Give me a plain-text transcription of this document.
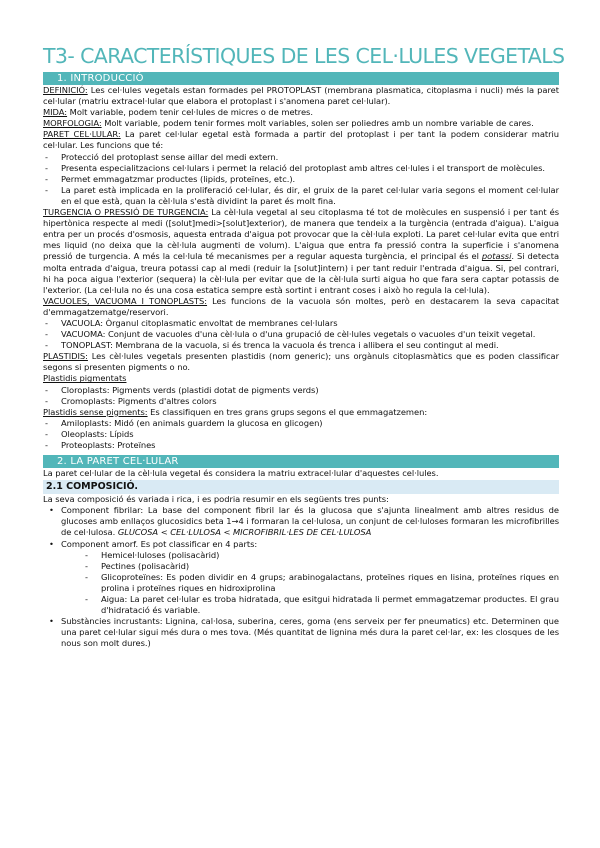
T3- CARACTERÍSTIQUES DE LES CEL·LULES VEGETALS
1. INTRODUCCIÓ

DEFINICIÓ: Les cel·lules vegetals estan formades pel PROTOPLAST (membrana plasmatica, citoplasma i nucli) més la paret cel·lular (matriu extracel·lular que elabora el protoplast i s'anomena paret cel·lular).

MIDA: Molt variable, podem tenir cel·lules de micres o de metres.

MORFOLOGIA: Molt variable, podem tenir formes molt variables, solen ser poliedres amb un nombre variable de cares.

PARET CEL·LULAR: La paret cel·lular egetal està formada a partir del protoplast i per tant la podem considerar matriu cel·lular. Les funcions que té:

- Protecció del protoplast sense aillar del medi extern.
- Presenta especialitzacions cel·lulars i permet la relació del protoplast amb altres cel·lules i el transport de molècules.
- Permet emmagatzmar productes (lipids, proteïnes, etc.).
- La paret està implicada en la proliferació cel·lular, és dir, el gruix de la paret cel·lular varia segons el moment cel·lular en el que està, quan la cèl·lula s'està dividint la paret és molt fina.

TURGENCIA O PRESSIÓ DE TURGENCIA: La cèl·lula vegetal al seu citoplasma té tot de molècules en suspensió i per tant és hipertònica respecte al medi ([solut]medi>[solut]exterior), de manera que tendeix a la turgència (entrada d'aigua). L'aigua entra per un procés d'osmosis, aquesta entrada d'aigua pot provocar que la cèl·lula exploti. La paret cel·lular evita que entri mes liquid (no deixa que la cèl·lula augmenti de volum). L'aigua que entra fa pressió contra la superficie i s'anomena pressió de turgencia. A més la cel·lula té mecanismes per a regular aquesta turgència, el principal és el potassi. Si detecta molta entrada d'aigua, treura potassi cap al medi (reduir la [solut]intern) i per tant reduir l'entrada d'aigua. Si, pel contrari, hi ha poca aigua l'exterior (sequera) la cèl·lula per evitar que de la cèl·lula surti aigua ho que fara sera captar potassis de l'exterior. (La cel·lula no és una cosa estatica sempre està sortint i entrant coses i això ho regula la cel·lula).

VACUOLES, VACUOMA I TONOPLASTS: Les funcions de la vacuola són moltes, però en destacarem la seva capacitat d'emmagatzematge/reservori.

- VACUOLA: Òrganul citoplasmatic envoltat de membranes cel·lulars
- VACUOMA: Conjunt de vacuoles d'una cèl·lula o d'una grupació de cèl·lules vegetals o vacuoles d'un teixit vegetal.
- TONOPLAST: Membrana de la vacuola, si és trenca la vacuola és trenca i allibera el seu contingut al medi.

PLASTIDIS: Les cèl·lules vegetals presenten plastidis (nom generic); uns orgànuls citoplasmàtics que es poden classificar segons si presenten pigments o no.

Plastidis pigmentats

- Cloroplasts: Pigments verds (plastidi dotat de pigments verds)
- Cromoplasts: Pigments d'altres colors

Plastidis sense pigments: Es classifiquen en tres grans grups segons el que emmagatzemen:

- Amiloplasts: Midó (en animals guardem la glucosa en glicogen)
- Oleoplasts: Lípids
- Proteoplasts: Proteïnes
2. LA PARET CEL·LULAR

La paret cel·lular de la cèl·lula vegetal és considera la matriu extracel·lular d'aquestes cel·lules.

2.1 COMPOSICIÓ.

La seva composició és variada i rica, i es podria resumir en els següents tres punts:

• Component fibrilar: La base del component fibril lar és la glucosa que s'ajunta linealment amb altres residus de glucoses amb enllaços glucosidics beta 1→4 i formaran la cel·lulosa, un conjunt de cel·luloses formaran les microfibrilles de cel·lulosa. GLUCOSA < CEL·LULOSA < MICROFIBRIL·LES DE CEL·LULOSA
• Component amorf. Es pot classificar en 4 parts:
- Hemicel·luloses (polisacàrid)
- Pectines (polisacàrid)
- Glicoproteïnes: Es poden dividir en 4 grups; arabinogalactans, proteïnes riques en lisina, proteïnes riques en prolina i proteïnes riques en hidroxiprolina
- Aigua: La paret cel·lular es troba hidratada, que esitgui hidratada li permet emmagatzemar productes. El grau d'hidratació és variable.
• Substàncies incrustants: Lignina, cal·losa, suberina, ceres, goma (ens serveix per fer pneumatics) etc. Determinen que una paret cel·lular sigui més dura o mes tova. (Més quantitat de lignina més dura la paret cel·lar, ex: les closques de les nous son molt dures.)
